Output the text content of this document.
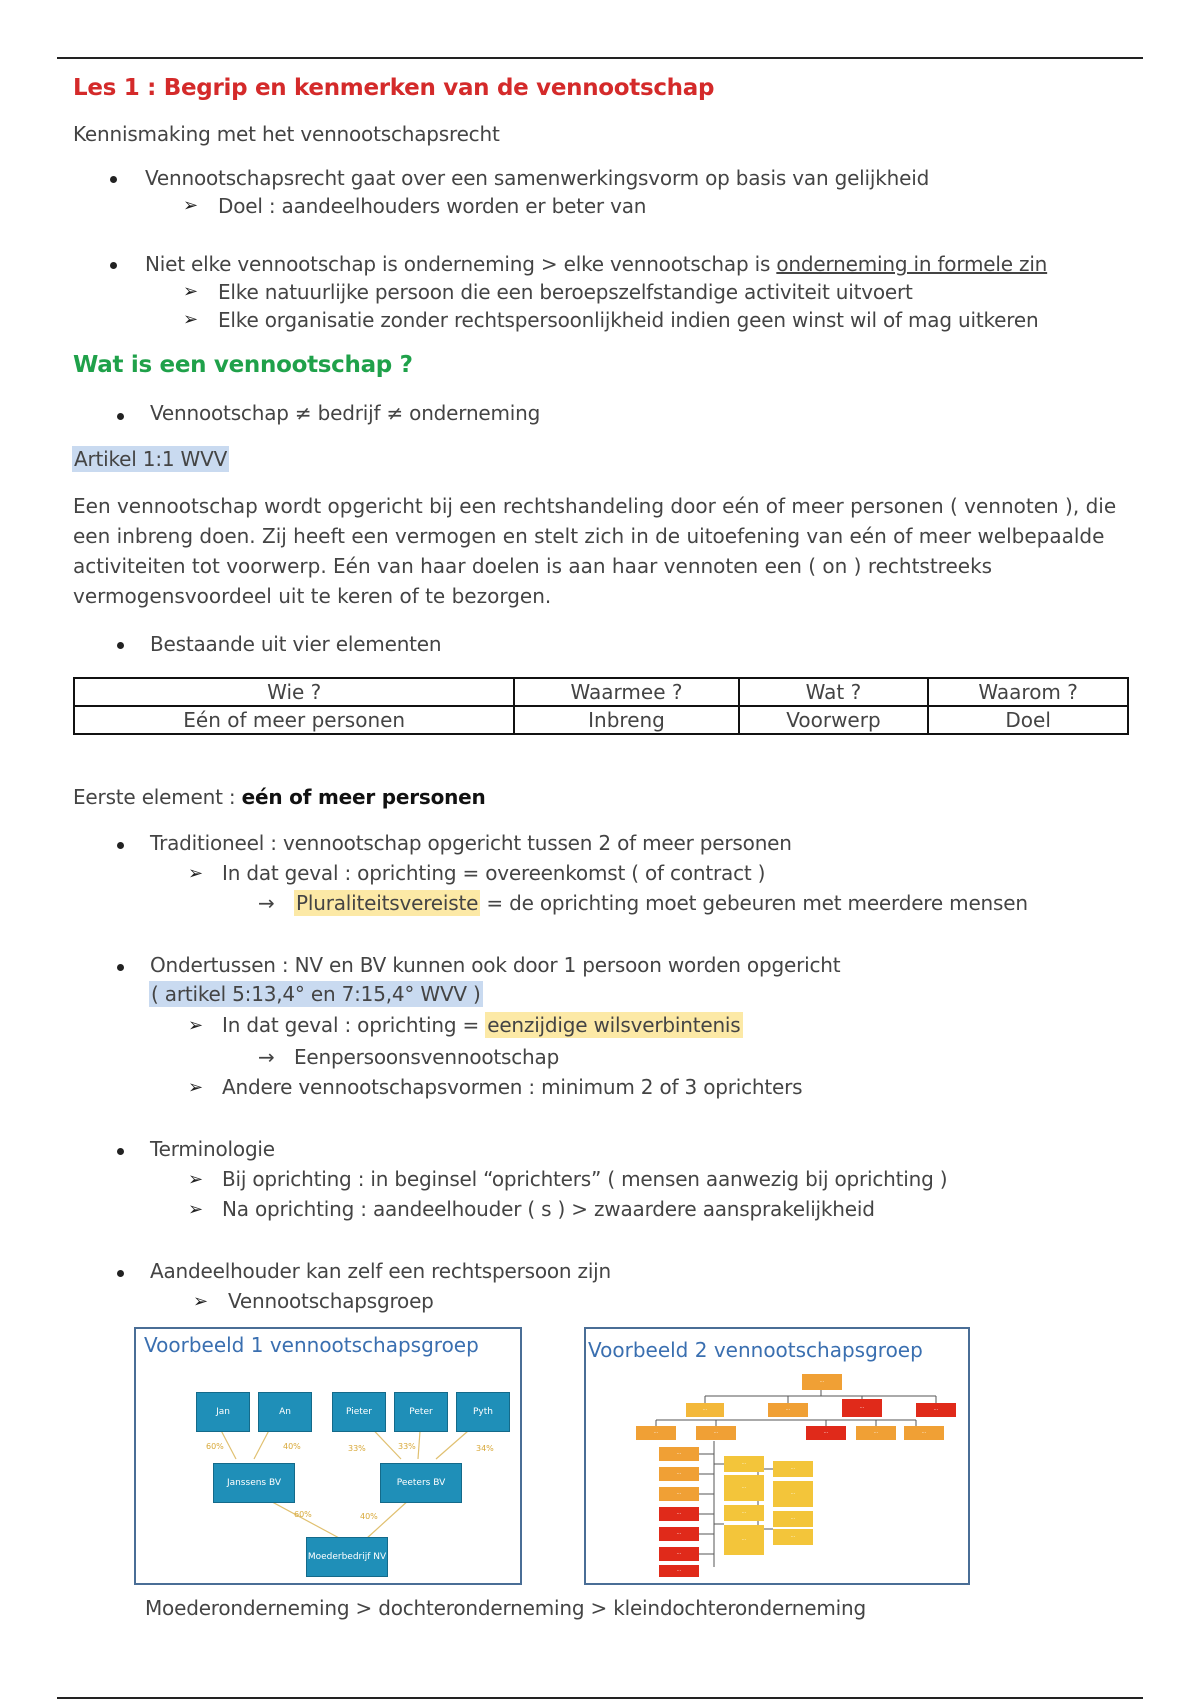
Les 1 : Begrip en kenmerken van de vennootschap
Kennismaking met het vennootschapsrecht
Vennootschapsrecht gaat over een samenwerkingsvorm op basis van gelijkheid
➢ Doel : aandeelhouders worden er beter van
Niet elke vennootschap is onderneming > elke vennootschap is onderneming in formele zin
➢ Elke natuurlijke persoon die een beroepszelfstandige activiteit uitvoert
➢ Elke organisatie zonder rechtspersoonlijkheid indien geen winst wil of mag uitkeren
Wat is een vennootschap ?
Vennootschap ≠ bedrijf ≠ onderneming
Artikel 1:1 WVV
Een vennootschap wordt opgericht bij een rechtshandeling door eén of meer personen ( vennoten ), die een inbreng doen. Zij heeft een vermogen en stelt zich in de uitoefening van eén of meer welbepaalde activiteiten tot voorwerp. Eén van haar doelen is aan haar vennoten een ( on ) rechtstreeks vermogensvoordeel uit te keren of te bezorgen.
Bestaande uit vier elementen
Wie ?	Waarmee ?	Wat ?	Waarom ?
Eén of meer personen	Inbreng	Voorwerp	Doel
Eerste element : eén of meer personen
Traditioneel : vennootschap opgericht tussen 2 of meer personen
➢ In dat geval : oprichting = overeenkomst ( of contract )
→ Pluraliteitsvereiste = de oprichting moet gebeuren met meerdere mensen
Ondertussen : NV en BV kunnen ook door 1 persoon worden opgericht
( artikel 5:13,4° en 7:15,4° WVV )
➢ In dat geval : oprichting = eenzijdige wilsverbintenis
→ Eenpersoonsvennootschap
➢ Andere vennootschapsvormen : minimum 2 of 3 oprichters
Terminologie
➢ Bij oprichting : in beginsel “oprichters” ( mensen aanwezig bij oprichting )
➢ Na oprichting : aandeelhouder ( s ) > zwaardere aansprakelijkheid
Aandeelhouder kan zelf een rechtspersoon zijn
➢ Vennootschapsgroep
Voorbeeld 1 vennootschapsgroep
Jan	An	Pieter	Peter	Pyth
60%	40%	33%	33%	34%
Janssens BV	Peeters BV
60%	40%
Moederbedrijf NV
Voorbeeld 2 vennootschapsgroep
⋯
⋯	⋯	⋯	⋯
⋯	⋯	⋯	⋯	⋯
⋯
⋯
⋯
⋯
⋯
⋯
⋯
⋯
⋯
⋯
⋯
⋯
⋯
⋯
⋯
Moederonderneming > dochteronderneming > kleindochteronderneming
